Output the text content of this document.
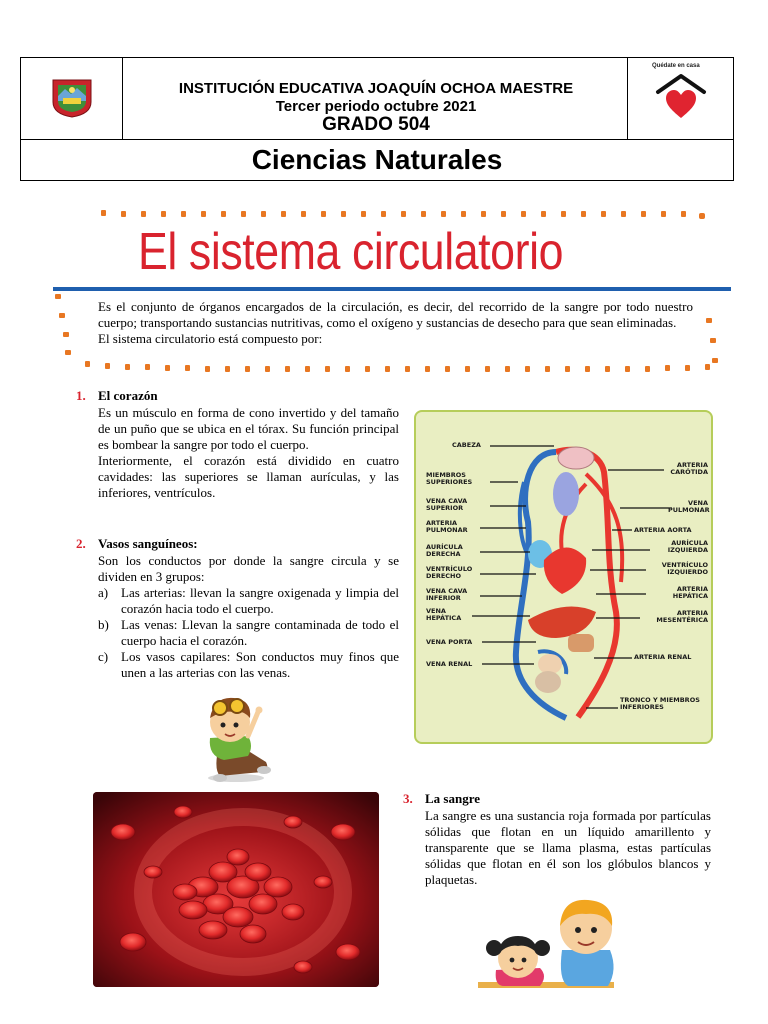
INSTITUCIÓN EDUCATIVA JOAQUÍN OCHOA MAESTRE
Tercer periodo octubre 2021
GRADO 504
Quédate en casa
Ciencias Naturales
El sistema circulatorio
Es el conjunto de órganos encargados de la circulación, es decir, del recorrido de la sangre por todo nuestro cuerpo; transportando sustancias nutritivas, como el oxígeno y sustancias de desecho para que sean eliminadas.
El sistema circulatorio está compuesto por:
1. El corazón
Es un músculo en forma de cono invertido y del tamaño de un puño que se ubica en el tórax. Su función principal es bombear la sangre por todo el cuerpo.
Interiormente, el corazón está dividido en cuatro cavidades: las superiores se llaman aurículas, y las inferiores, ventrículos.
2. Vasos sanguíneos:
Son los conductos por donde la sangre circula y se dividen en 3 grupos:
a) Las arterias: llevan la sangre oxigenada y limpia del corazón hacia todo el cuerpo.
b) Las venas: Llevan la sangre contaminada de todo el cuerpo hacia el corazón.
c) Los vasos capilares: Son conductos muy finos que unen a las arterias con las venas.
CABEZA
MIEMBROS SUPERIORES
VENA CAVA SUPERIOR
ARTERIA PULMONAR
AURÍCULA DERECHA
VENTRÍCULO DERECHO
VENA CAVA INFERIOR
VENA HEPÁTICA
VENA PORTA
VENA RENAL
ARTERIA CARÓTIDA
VENA PULMONAR
ARTERIA AORTA
AURÍCULA IZQUIERDA
VENTRÍCULO IZQUIERDO
ARTERIA HEPÁTICA
ARTERIA MESENTÉRICA
ARTERIA RENAL
TRONCO Y MIEMBROS INFERIORES
3. La sangre
La sangre es una sustancia roja formada por partículas sólidas que flotan en un líquido amarillento y transparente que se llama plasma, estas partículas sólidas que flotan en él son los glóbulos blancos y plaquetas.
